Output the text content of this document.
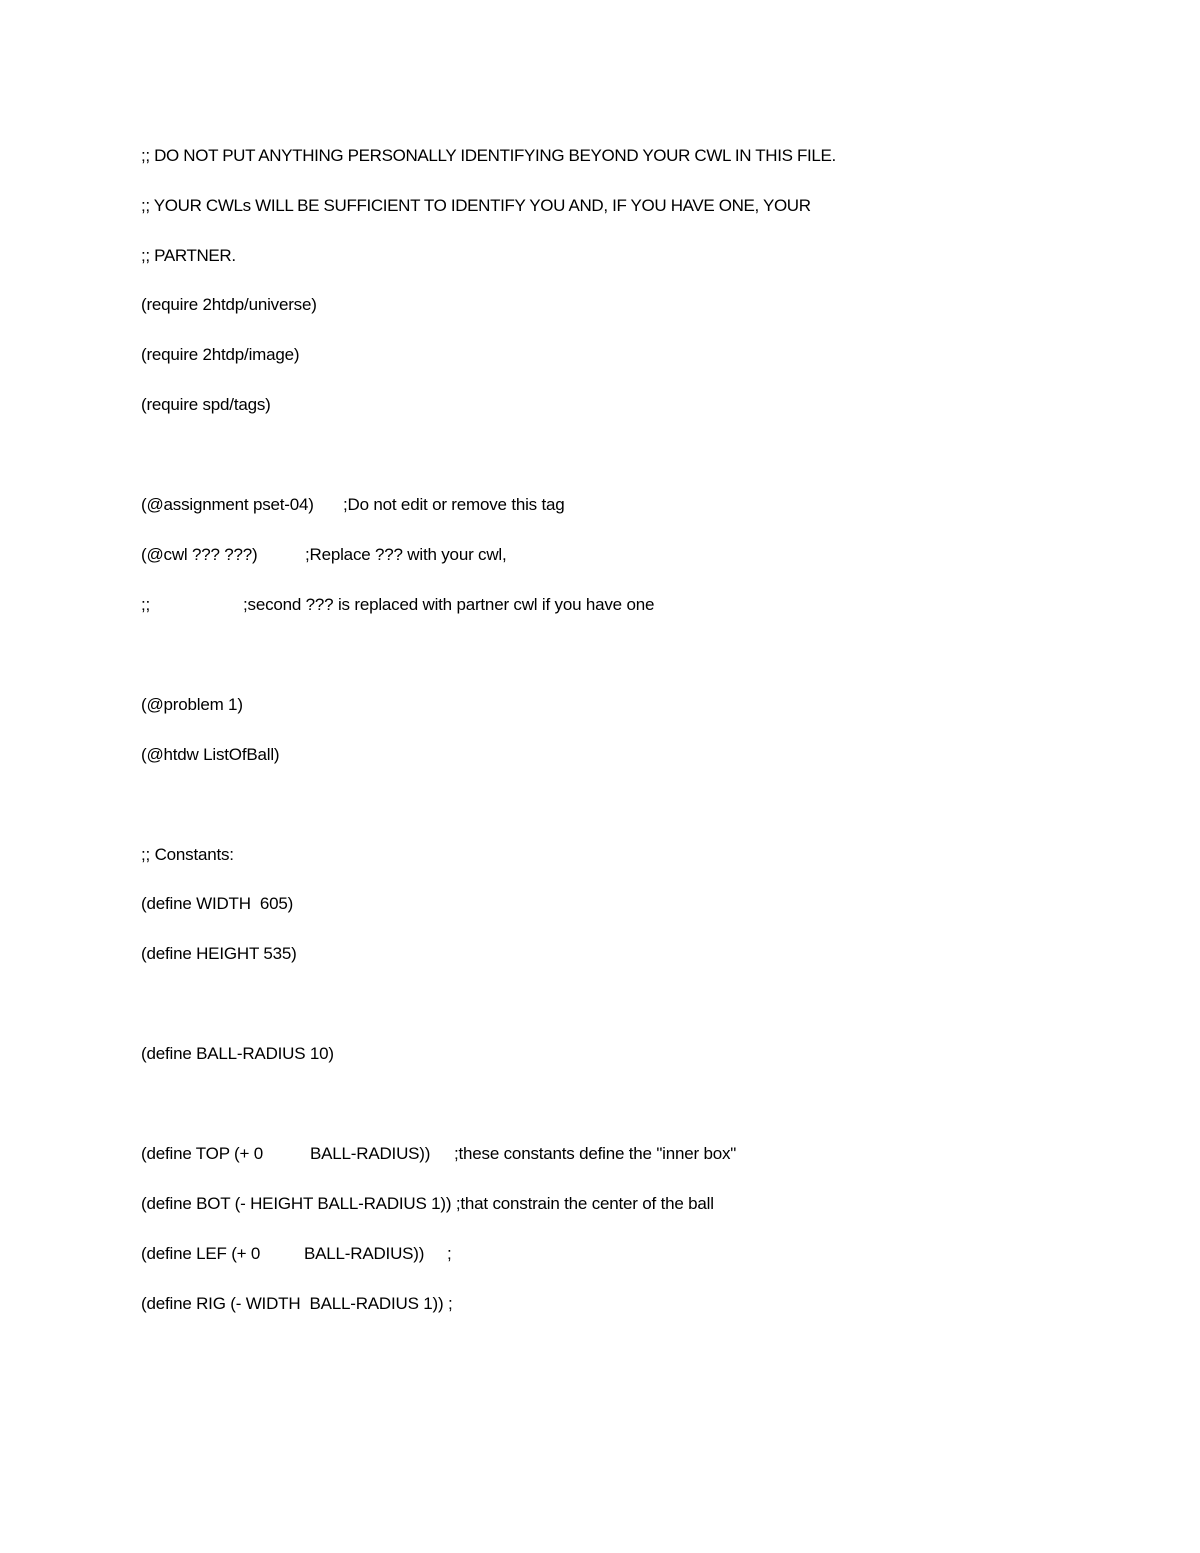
;; DO NOT PUT ANYTHING PERSONALLY IDENTIFYING BEYOND YOUR CWL IN THIS FILE.
;; YOUR CWLs WILL BE SUFFICIENT TO IDENTIFY YOU AND, IF YOU HAVE ONE, YOUR
;; PARTNER.
(require 2htdp/universe)
(require 2htdp/image)
(require spd/tags)

(@assignment pset-04)

;Do not edit or remove this tag

(@cwl ??? ???)

	;Replace ??? with your cwl,

;;

	;second ??? is replaced with partner cwl if you have one

(@problem 1)
(@htdw ListOfBall)
;; Constants:
(define WIDTH  605)
(define HEIGHT 535)
(define BALL-RADIUS 10)

(define TOP (+ 0

	BALL-RADIUS))

;these constants define the "inner box"

(define BOT (- HEIGHT BALL-RADIUS 1)) ;that constrain the center of the ball

(define LEF (+ 0

	BALL-RADIUS))

;

(define RIG (- WIDTH  BALL-RADIUS 1)) ;
